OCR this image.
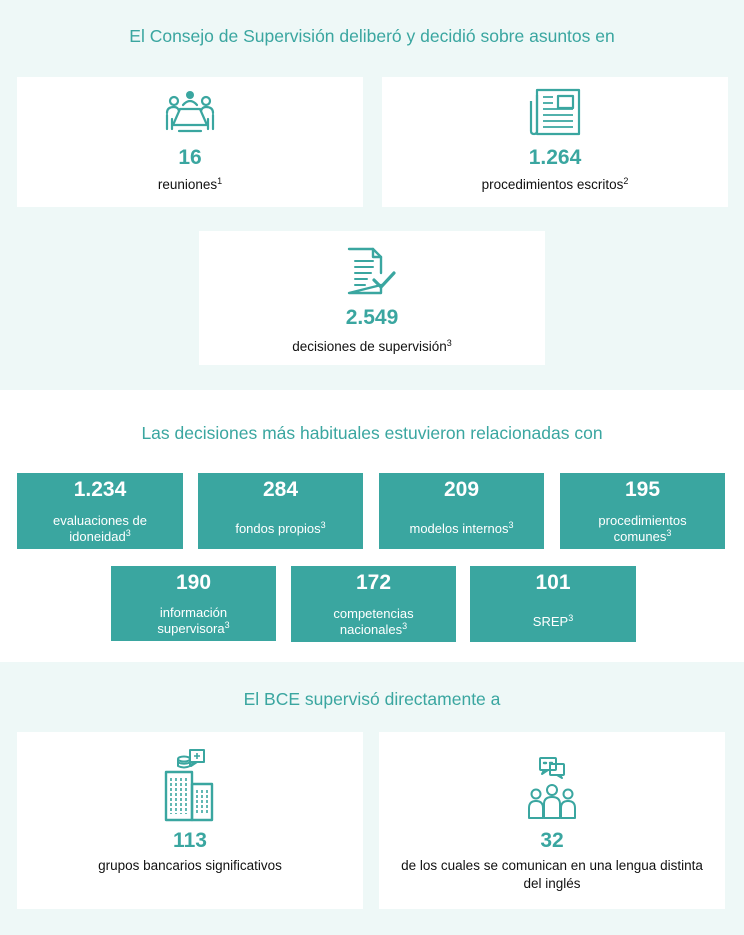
El Consejo de Supervisión deliberó y decidió sobre asuntos en
16
reuniones$^1$
1.264
procedimientos escritos$^2$
2.549
decisiones de supervisión$^3$
Las decisiones más habituales estuvieron relacionadas con
1.234
evaluaciones de
idoneidad$^3$
284
fondos propios$^3$
209
modelos internos$^3$
195
procedimientos
comunes$^3$
190
información
supervisora$^3$
172
competencias
nacionales$^3$
101
SREP$^3$
El BCE supervisó directamente a
113
grupos bancarios significativos
32
de los cuales se comunican en una lengua distinta
del inglés
